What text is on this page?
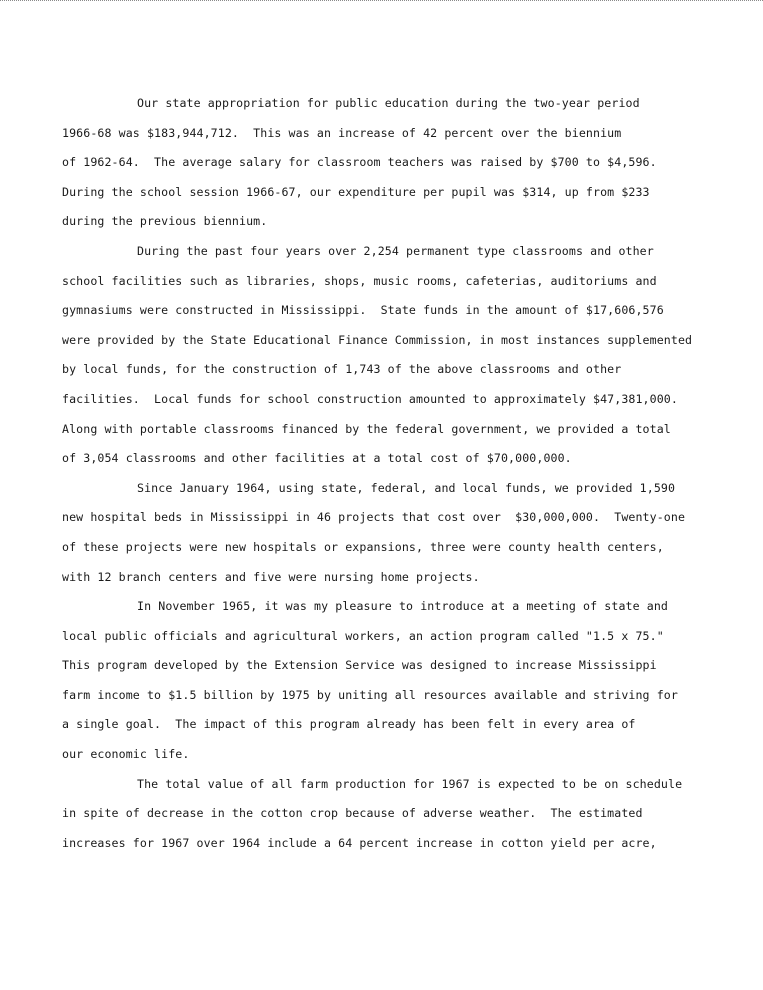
Our state appropriation for public education during the two-year period
1966-68 was $183,944,712.  This was an increase of 42 percent over the biennium
of 1962-64.  The average salary for classroom teachers was raised by $700 to $4,596.
During the school session 1966-67, our expenditure per pupil was $314, up from $233
during the previous biennium.
During the past four years over 2,254 permanent type classrooms and other
school facilities such as libraries, shops, music rooms, cafeterias, auditoriums and
gymnasiums were constructed in Mississippi.  State funds in the amount of $17,606,576
were provided by the State Educational Finance Commission, in most instances supplemented
by local funds, for the construction of 1,743 of the above classrooms and other
facilities.  Local funds for school construction amounted to approximately $47,381,000.
Along with portable classrooms financed by the federal government, we provided a total
of 3,054 classrooms and other facilities at a total cost of $70,000,000.
Since January 1964, using state, federal, and local funds, we provided 1,590
new hospital beds in Mississippi in 46 projects that cost over  $30,000,000.  Twenty-one
of these projects were new hospitals or expansions, three were county health centers,
with 12 branch centers and five were nursing home projects.
In November 1965, it was my pleasure to introduce at a meeting of state and
local public officials and agricultural workers, an action program called "1.5 x 75."
This program developed by the Extension Service was designed to increase Mississippi
farm income to $1.5 billion by 1975 by uniting all resources available and striving for
a single goal.  The impact of this program already has been felt in every area of
our economic life.
The total value of all farm production for 1967 is expected to be on schedule
in spite of decrease in the cotton crop because of adverse weather.  The estimated
increases for 1967 over 1964 include a 64 percent increase in cotton yield per acre,
